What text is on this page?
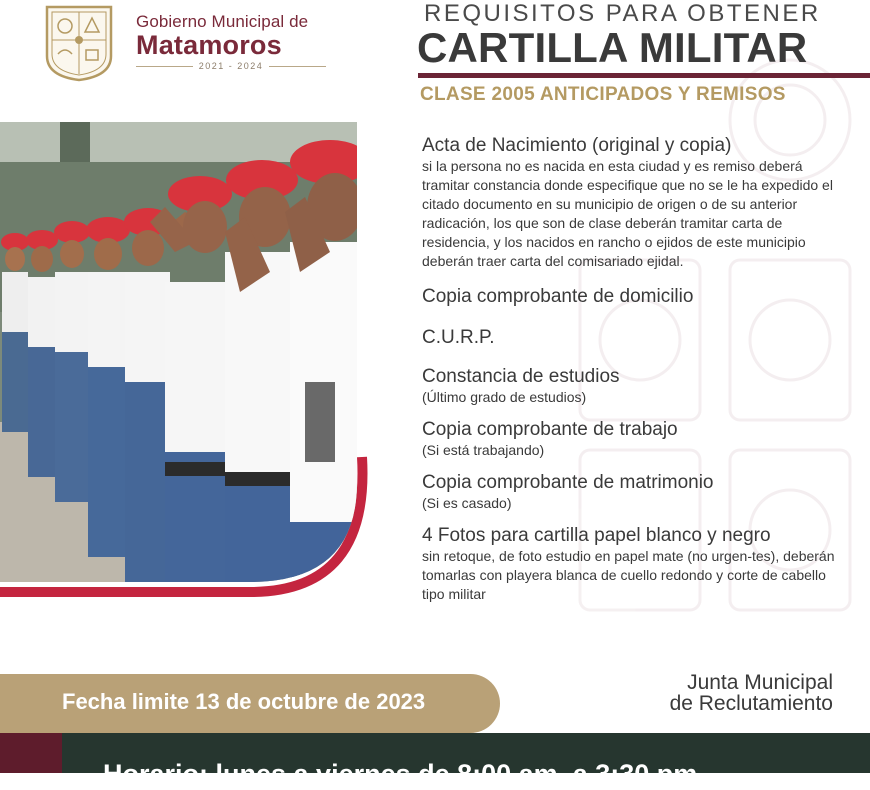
Gobierno Municipal de
Matamoros
2021 - 2024
REQUISITOS PARA OBTENER
CARTILLA MILITAR
CLASE 2005 ANTICIPADOS Y REMISOS
Acta de Nacimiento (original y copia)
si la persona no es nacida en esta ciudad y es remiso deberá tramitar constancia donde especifique que no se le ha expedido el citado documento en su municipio de origen o de su anterior radicación, los que son de clase deberán tramitar carta de residencia, y los nacidos en rancho o ejidos de este municipio deberán traer carta del comisariado ejidal.
Copia comprobante de domicilio
C.U.R.P.
Constancia de estudios
(Último grado de estudios)
Copia comprobante de trabajo
(Si está trabajando)
Copia comprobante de matrimonio
(Si es casado)
4 Fotos para cartilla papel blanco y negro
sin retoque, de foto estudio en papel mate (no urgen-tes), deberán tomarlas con playera blanca de cuello redondo y corte de cabello tipo militar
Fecha limite 13 de octubre de 2023
Junta Municipal
de Reclutamiento
Horario: lunes a viernes de 8:00 am. a 3:30 pm.
